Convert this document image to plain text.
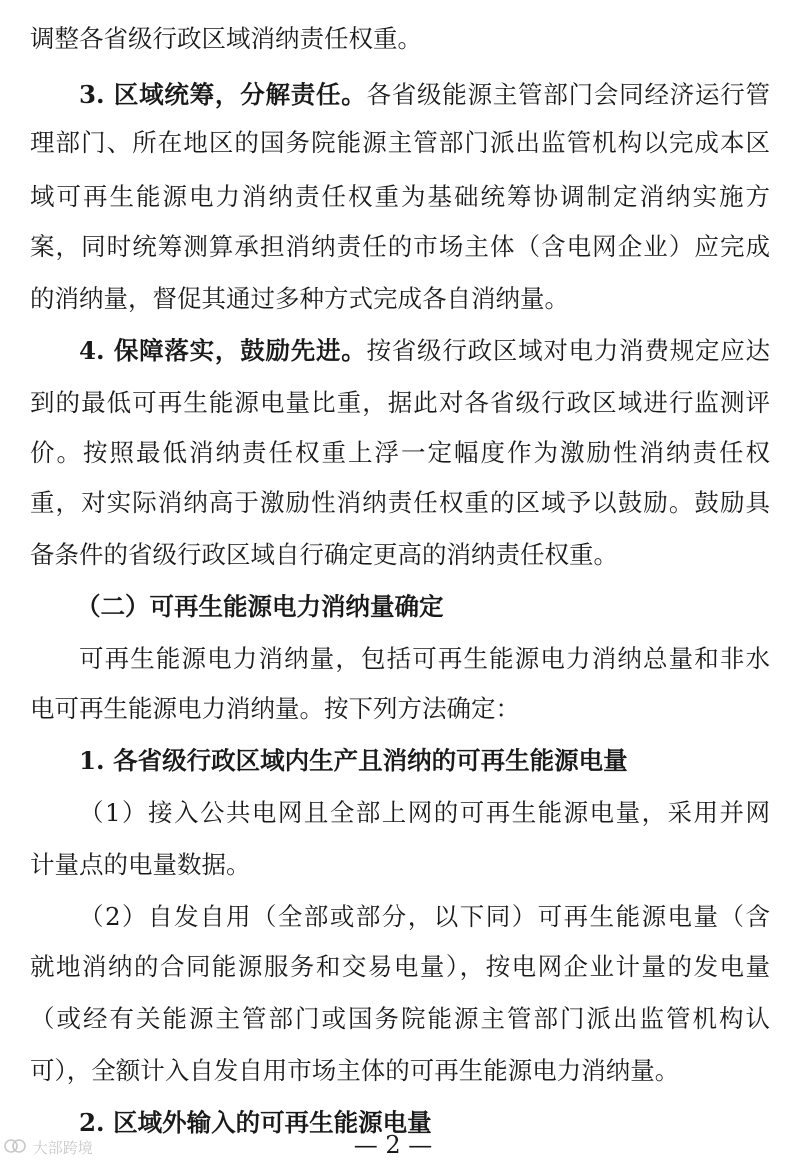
调整各省级行政区域消纳责任权重。
3. 区域统筹，分解责任。各省级能源主管部门会同经济运行管
理部门、所在地区的国务院能源主管部门派出监管机构以完成本区
域可再生能源电力消纳责任权重为基础统筹协调制定消纳实施方
案，同时统筹测算承担消纳责任的市场主体（含电网企业）应完成
的消纳量，督促其通过多种方式完成各自消纳量。
4. 保障落实，鼓励先进。按省级行政区域对电力消费规定应达
到的最低可再生能源电量比重，据此对各省级行政区域进行监测评
价。按照最低消纳责任权重上浮一定幅度作为激励性消纳责任权
重，对实际消纳高于激励性消纳责任权重的区域予以鼓励。鼓励具
备条件的省级行政区域自行确定更高的消纳责任权重。
（二）可再生能源电力消纳量确定
可再生能源电力消纳量，包括可再生能源电力消纳总量和非水
电可再生能源电力消纳量。按下列方法确定：
1. 各省级行政区域内生产且消纳的可再生能源电量
（1）接入公共电网且全部上网的可再生能源电量，采用并网
计量点的电量数据。
（2）自发自用（全部或部分，以下同）可再生能源电量（含
就地消纳的合同能源服务和交易电量），按电网企业计量的发电量
（或经有关能源主管部门或国务院能源主管部门派出监管机构认
可），全额计入自发自用市场主体的可再生能源电力消纳量。
2. 区域外输入的可再生能源电量
— 2 —
大部跨境
